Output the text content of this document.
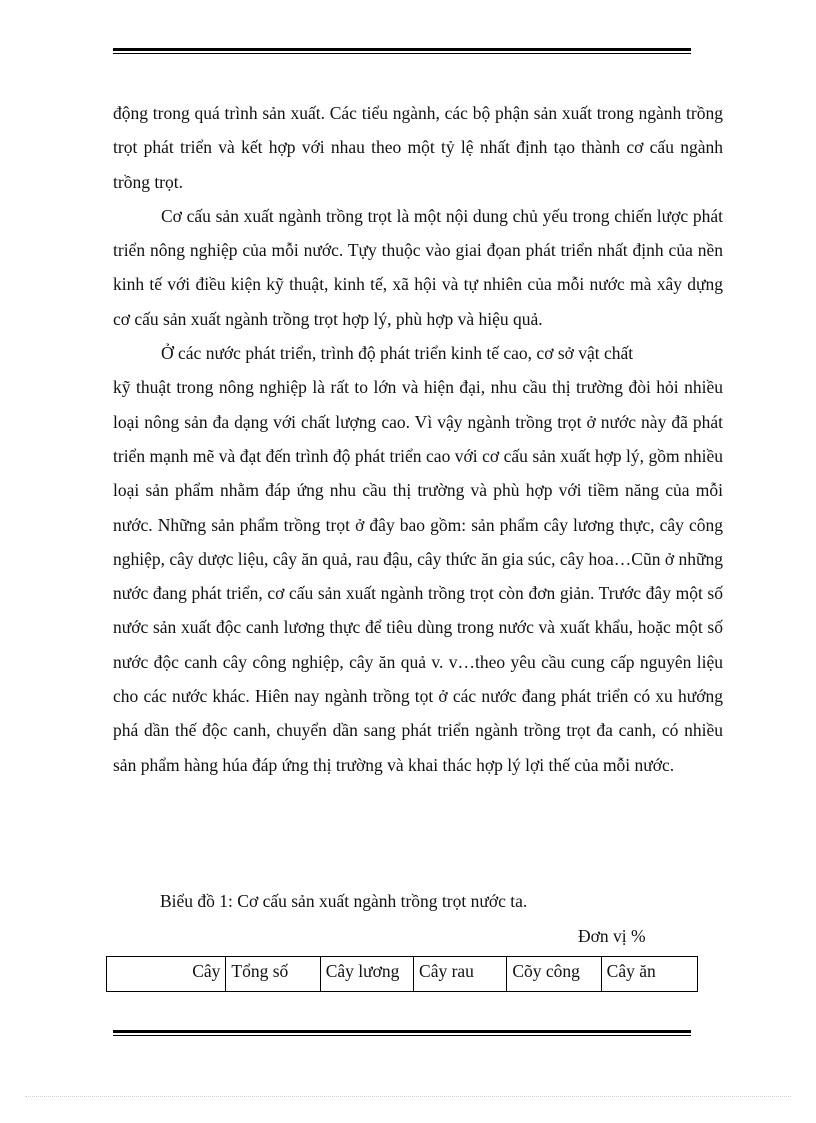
động trong quá trình sản xuất. Các tiểu ngành, các bộ phận sản xuất trong ngành trồng trọt phát triển và kết hợp với nhau theo một tỷ lệ nhất định tạo thành cơ cấu ngành trồng trọt.

Cơ cấu sản xuất ngành trồng trọt là một nội dung chủ yếu trong chiến lược phát triển nông nghiệp của mỗi nước. Tựy thuộc vào giai đọan phát triển nhất định của nền kinh tế với điều kiện kỹ thuật, kinh tế, xã hội và tự nhiên của mỗi nước mà xây dựng cơ cấu sản xuất ngành trồng trọt hợp lý, phù hợp và hiệu quả.

Ở các nước phát triển, trình độ phát triển kinh tế cao, cơ sở vật chất

kỹ thuật trong nông nghiệp là rất to lớn và hiện đại, nhu cầu thị trường đòi hỏi nhiều loại nông sản đa dạng với chất lượng cao. Vì vậy ngành trồng trọt ở nước này đã phát triển mạnh mẽ và đạt đến trình độ phát triển cao với cơ cấu sản xuất hợp lý, gồm nhiều loại sản phẩm nhằm đáp ứng nhu cầu thị trường và phù hợp với tiềm năng của mỗi nước. Những sản phẩm trồng trọt ở đây bao gồm: sản phẩm cây lương thực, cây công nghiệp, cây dược liệu, cây ăn quả, rau đậu, cây thức ăn gia súc, cây hoa…Cũn ở những nước đang phát triển, cơ cấu sản xuất ngành trồng trọt còn đơn giản. Trước đây một số nước sản xuất độc canh lương thực để tiêu dùng trong nước và xuất khẩu, hoặc một số nước độc canh cây công nghiệp, cây ăn quả v. v…theo yêu cầu cung cấp nguyên liệu cho các nước khác. Hiên nay ngành trồng tọt ở các nước đang phát triển có xu hướng phá dần thế độc canh, chuyển dần sang phát triển ngành trồng trọt đa canh, có nhiều sản phẩm hàng húa đáp ứng thị trường và khai thác hợp lý lợi thế của mỗi nước.

Biểu đồ 1: Cơ cấu sản xuất ngành trồng trọt nước ta.
Đơn vị %
Cây	Tổng số	Cây lương	Cây rau	Cõy công	Cây ăn
